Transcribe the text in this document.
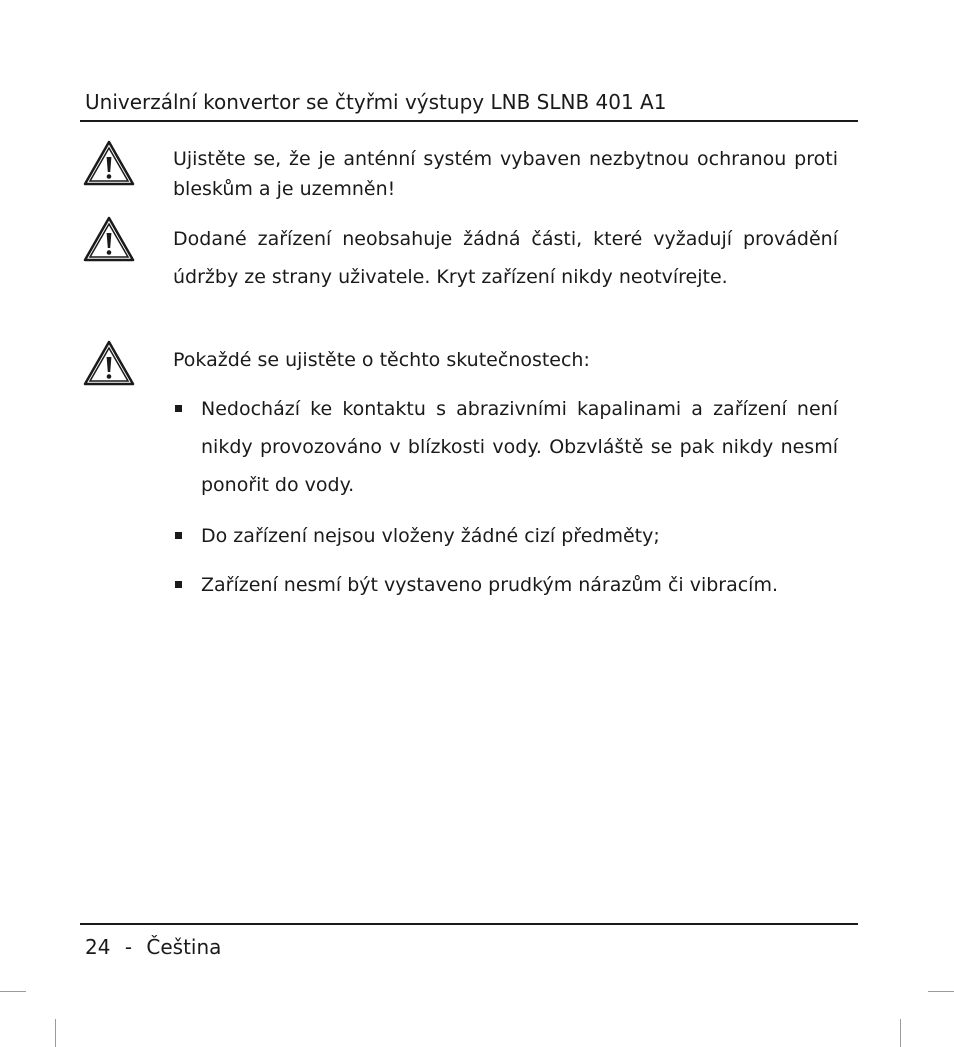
Univerzální konvertor se čtyřmi výstupy LNB SLNB 401 A1

Ujistěte se, že je anténní systém vybaven nezbytnou ochranou proti bleskům a je uzemněn!

Dodané zařízení neobsahuje žádná části, které vyžadují provádění údržby ze strany uživatele. Kryt zařízení nikdy neotvírejte.

Pokaždé se ujistěte o těchto skutečnostech:

Nedochází ke kontaktu s abrazivními kapalinami a zařízení není nikdy provozováno v blízkosti vody. Obzvláště se pak nikdy nesmí ponořit do vody.
Do zařízení nejsou vloženy žádné cizí předměty;
Zařízení nesmí být vystaveno prudkým nárazům či vibracím.
24 - Čeština
